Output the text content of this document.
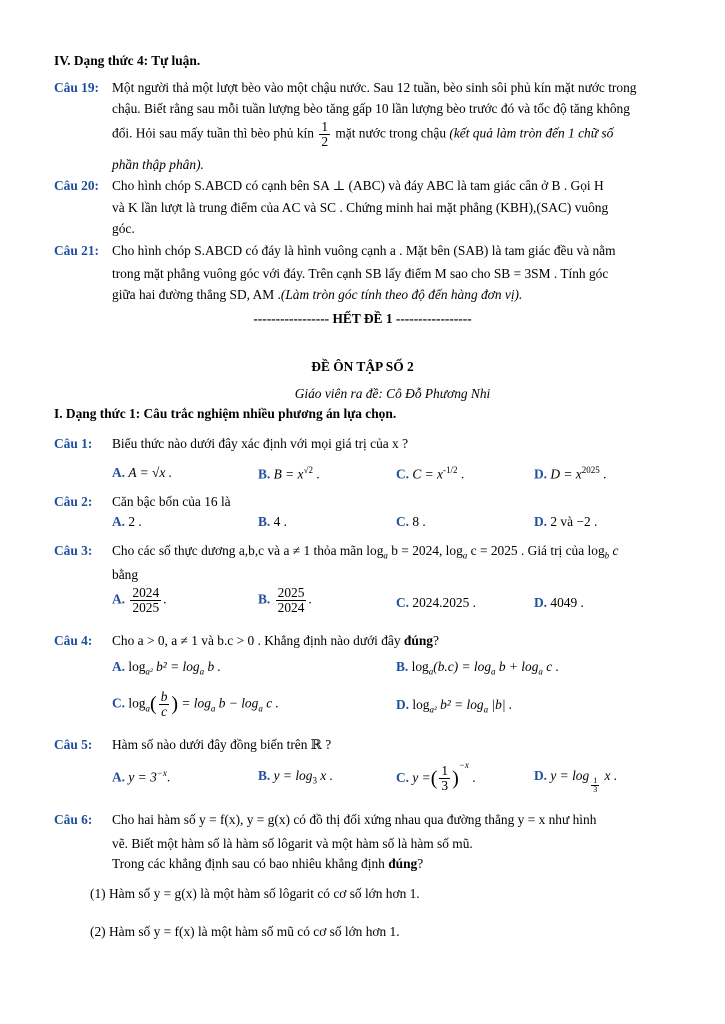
IV. Dạng thức 4: Tự luận.
Câu 19: Một người thả một lượt bèo vào một chậu nước. Sau 12 tuần, bèo sinh sôi phủ kín mặt nước trong
chậu. Biết rằng sau mỗi tuần lượng bèo tăng gấp 10 lần lượng bèo trước đó và tốc độ tăng không
đổi. Hỏi sau mấy tuần thì bèo phủ kín $\frac{1}{2}$ mặt nước trong chậu (kết quả làm tròn đến 1 chữ số
phần thập phân).
Câu 20: Cho hình chóp S.ABCD có cạnh bên SA ⊥ (ABC) và đáy ABC là tam giác cân ở B . Gọi H
và K lần lượt là trung điểm của AC và SC . Chứng minh hai mặt phẳng (KBH),(SAC) vuông
góc.
Câu 21: Cho hình chóp S.ABCD có đáy là hình vuông cạnh a . Mặt bên (SAB) là tam giác đều và nằm
trong mặt phẳng vuông góc với đáy. Trên cạnh SB lấy điểm M sao cho SB = 3SM . Tính góc
giữa hai đường thẳng SD, AM .(Làm tròn góc tính theo độ đến hàng đơn vị).
----------------- HẾT ĐỀ 1 -----------------
ĐỀ ÔN TẬP SỐ 2
Giáo viên ra đề: Cô Đỗ Phương Nhi
I. Dạng thức 1: Câu trắc nghiệm nhiều phương án lựa chọn.
Câu 1: Biểu thức nào dưới đây xác định với mọi giá trị của x ?
A. A = √x .	B. $B = x^{√2}$ .	C. $C = x^{-1/2}$ .	D. $D = x^{2025}$ .
Câu 2: Căn bậc bốn của 16 là
A. 2 .	B. 4 .	C. 8 .	D. 2 và −2 .
Câu 3: Cho các số thực dương a,b,c và a ≠ 1 thỏa mãn $\log_a b = 2024$, $\log_a c = 2025$ . Giá trị của $\log_b c$
bằng
A. $\frac{2024}{2025}$ .	B. $\frac{2025}{2024}$ .	C. 2024.2025 .	D. 4049 .
Câu 4: Cho a > 0, a ≠ 1 và b.c > 0 . Khẳng định nào dưới đây đúng?
A. $\log_{a^2} b^2 = \log_a b$ .	B. $\log_a(b.c) = \log_a b + \log_a c$ .
C. $\log_a( \frac{b}{c}$ ) = $\log_a b - \log_a c$ .	D. $\log_{a^2} b^2 = \log_a |b|$ .
Câu 5: Hàm số nào dưới đây đồng biến trên ℝ ?
A. $y = 3^{-x}$.	B. $y = \log_3 x$ .	C. y =( $\frac{1}{3} )^{-x}$ .	D. y = log
$\frac{1}{3}$
x .
Câu 6: Cho hai hàm số y = f(x), y = g(x) có đồ thị đối xứng nhau qua đường thẳng y = x như hình
vẽ. Biết một hàm số là hàm số lôgarit và một hàm số là hàm số mũ.
Trong các khẳng định sau có bao nhiêu khẳng định đúng?
(1) Hàm số y = g(x) là một hàm số lôgarit có cơ số lớn hơn 1.
(2) Hàm số y = f(x) là một hàm số mũ có cơ số lớn hơn 1.
